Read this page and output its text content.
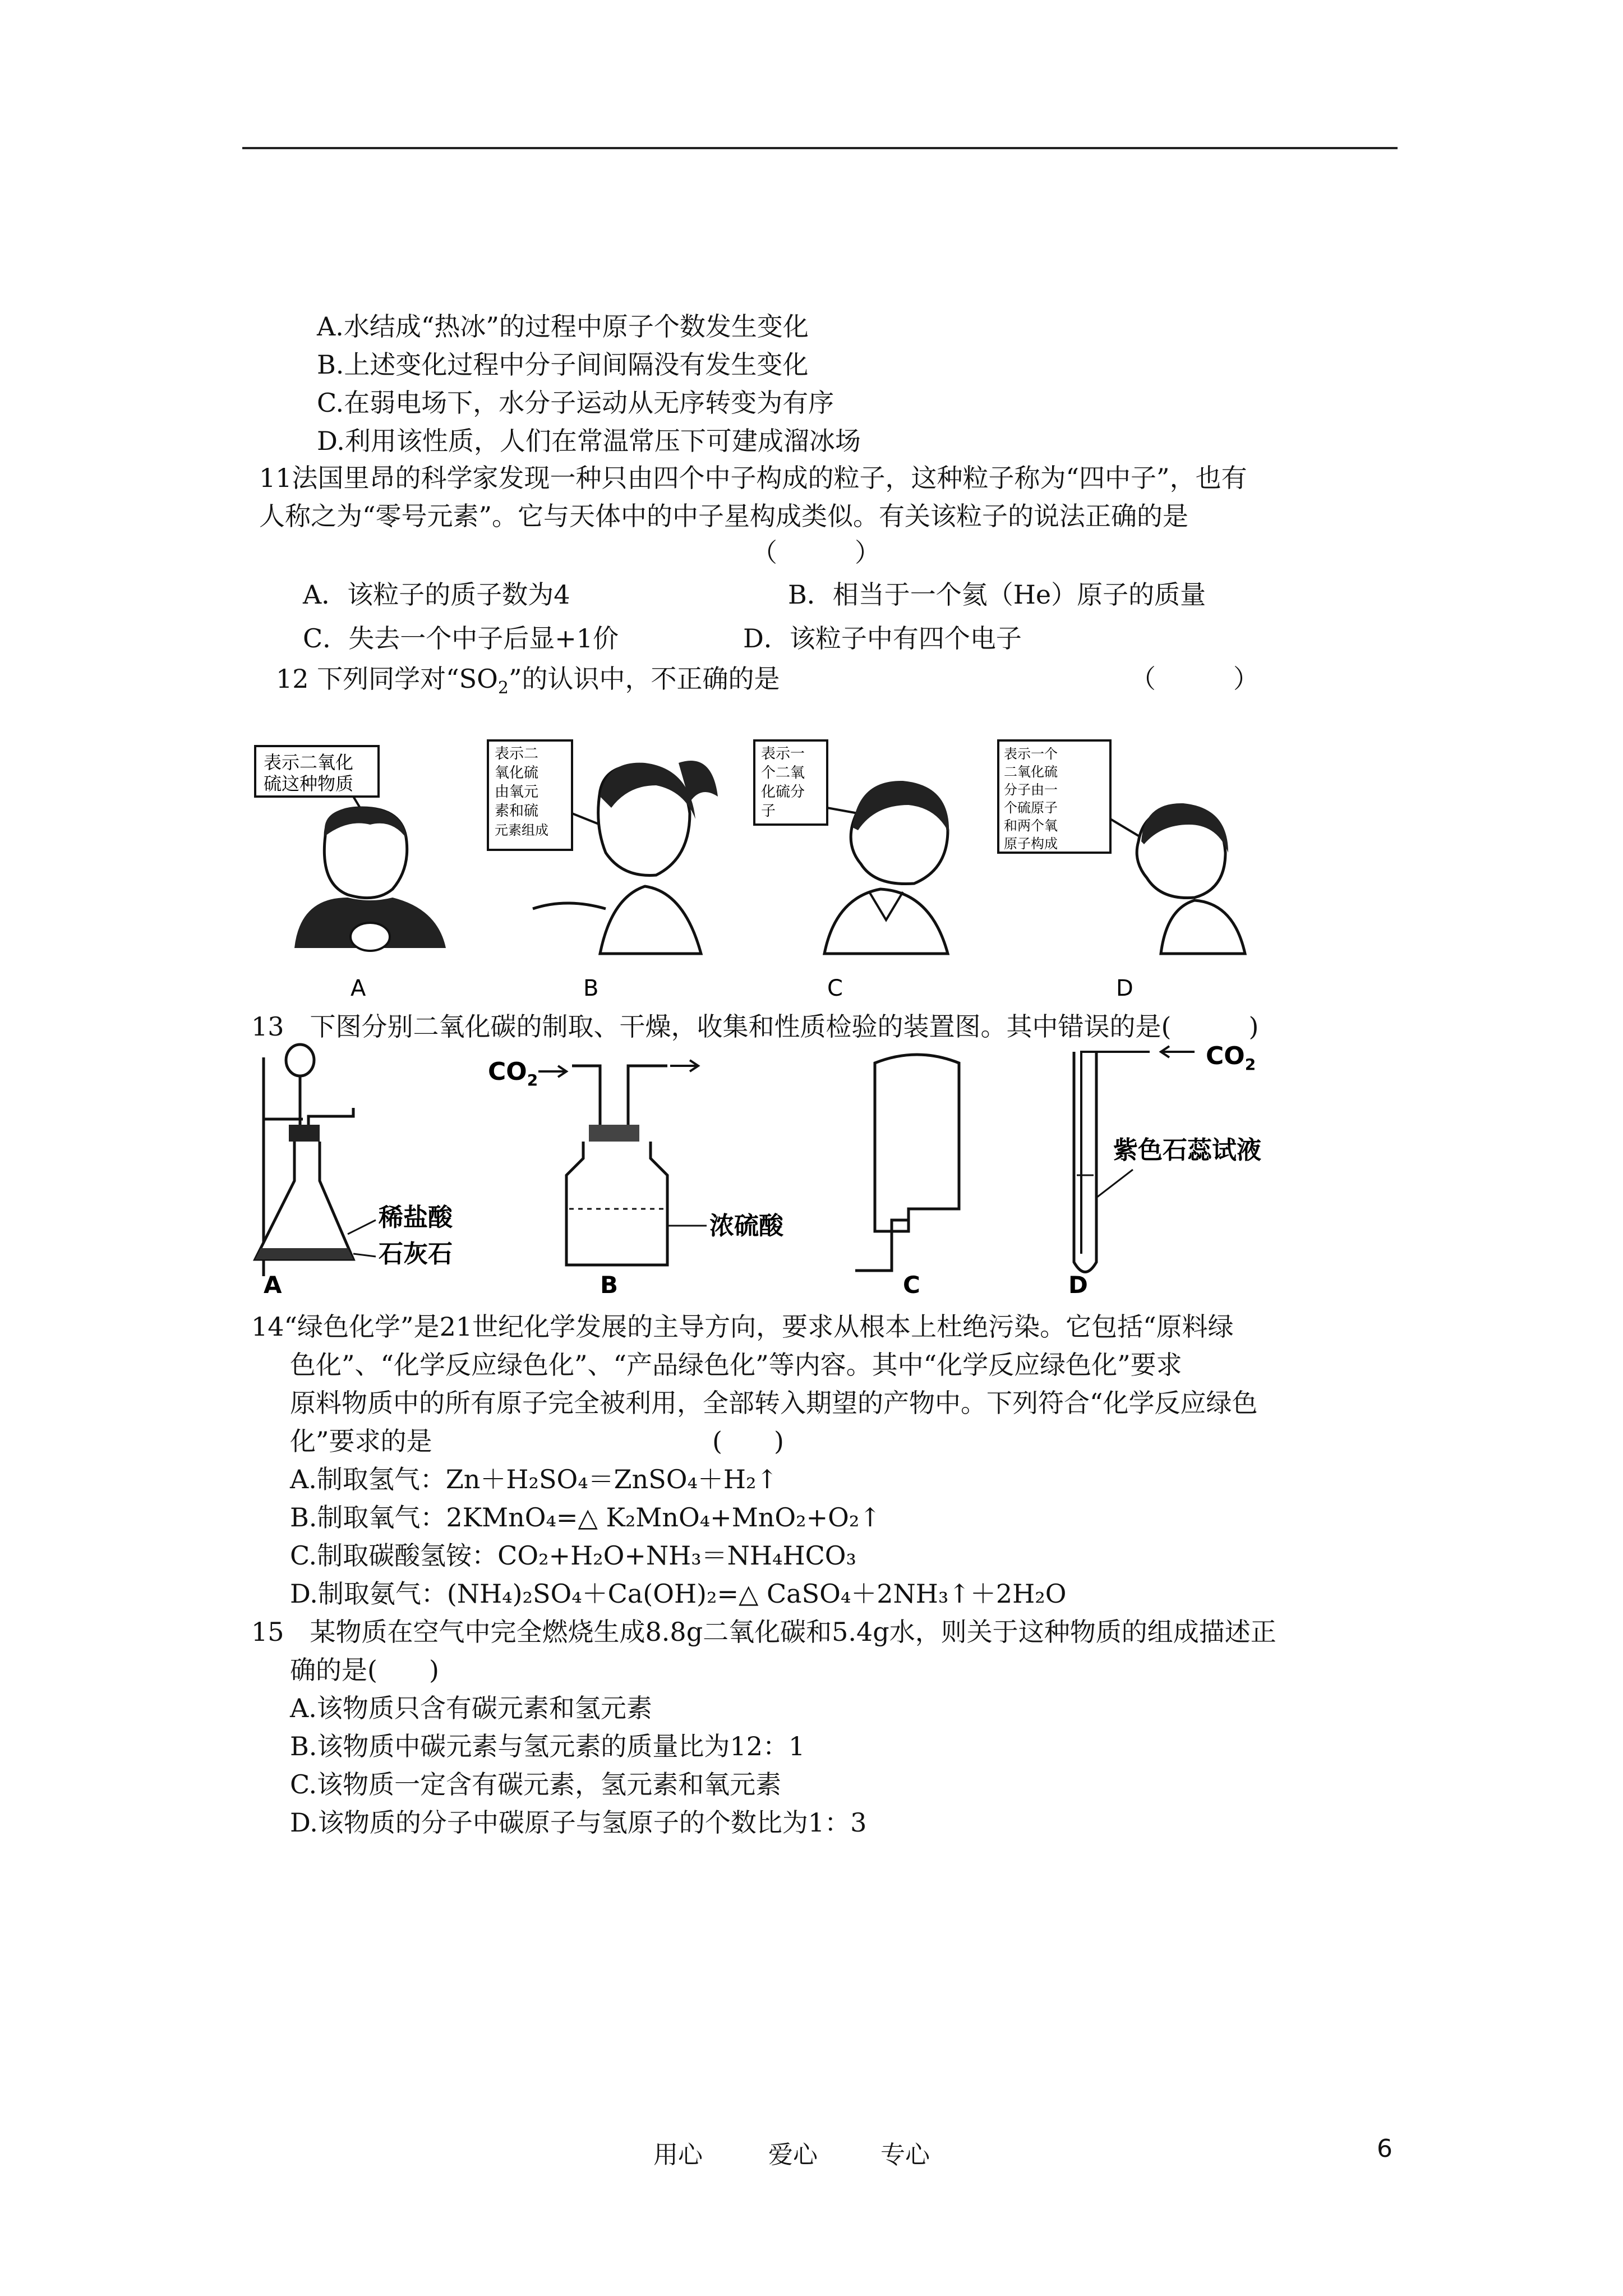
A.水结成“热冰”的过程中原子个数发生变化
B.上述变化过程中分子间间隔没有发生变化
C.在弱电场下，水分子运动从无序转变为有序
D.利用该性质，人们在常温常压下可建成溜冰场
11法国里昂的科学家发现一种只由四个中子构成的粒子，这种粒子称为“四中子”，也有
人称之为“零号元素”。它与天体中的中子星构成类似。有关该粒子的说法正确的是
（　　　）
A．该粒子的质子数为4	B．相当于一个氦（He）原子的质量
C．失去一个中子后显+1价	D．该粒子中有四个电子
12 下列同学对“$SO_2$”的认识中，不正确的是	（　　　）
表示二氧化
硫这种物质
表示二
氧化硫
由氧元
素和硫
元素组成
表示一
个二氧
化硫分
子
表示一个
二氧化硫
分子由一
个硫原子
和两个氧
原子构成
A	B	C	D
13　下图分别二氧化碳的制取、干燥，收集和性质检验的装置图。其中错误的是(　　　)
稀盐酸
石灰石
A
$CO_2$
浓硫酸
B	C
$CO_2$
紫色石蕊试液
D
14“绿色化学”是21世纪化学发展的主导方向，要求从根本上杜绝污染。它包括“原料绿
色化”、“化学反应绿色化”、“产品绿色化”等内容。其中“化学反应绿色化”要求
原料物质中的所有原子完全被利用，全部转入期望的产物中。下列符合“化学反应绿色
化”要求的是	(　　)
A.制取氢气：Zn＋H₂SO₄＝ZnSO₄＋H₂↑
B.制取氧气：2KMnO₄=△ K₂MnO₄+MnO₂+O₂↑
C.制取碳酸氢铵：CO₂+H₂O+NH₃＝NH₄HCO₃
D.制取氨气：(NH₄)₂SO₄＋Ca(OH)₂=△ CaSO₄＋2NH₃↑＋2H₂O
15　某物质在空气中完全燃烧生成8.8g二氧化碳和5.4g水，则关于这种物质的组成描述正
确的是(　　)
A.该物质只含有碳元素和氢元素
B.该物质中碳元素与氢元素的质量比为12：1
C.该物质一定含有碳元素，氢元素和氧元素
D.该物质的分子中碳原子与氢原子的个数比为1：3
用心	爱心	专心	6
